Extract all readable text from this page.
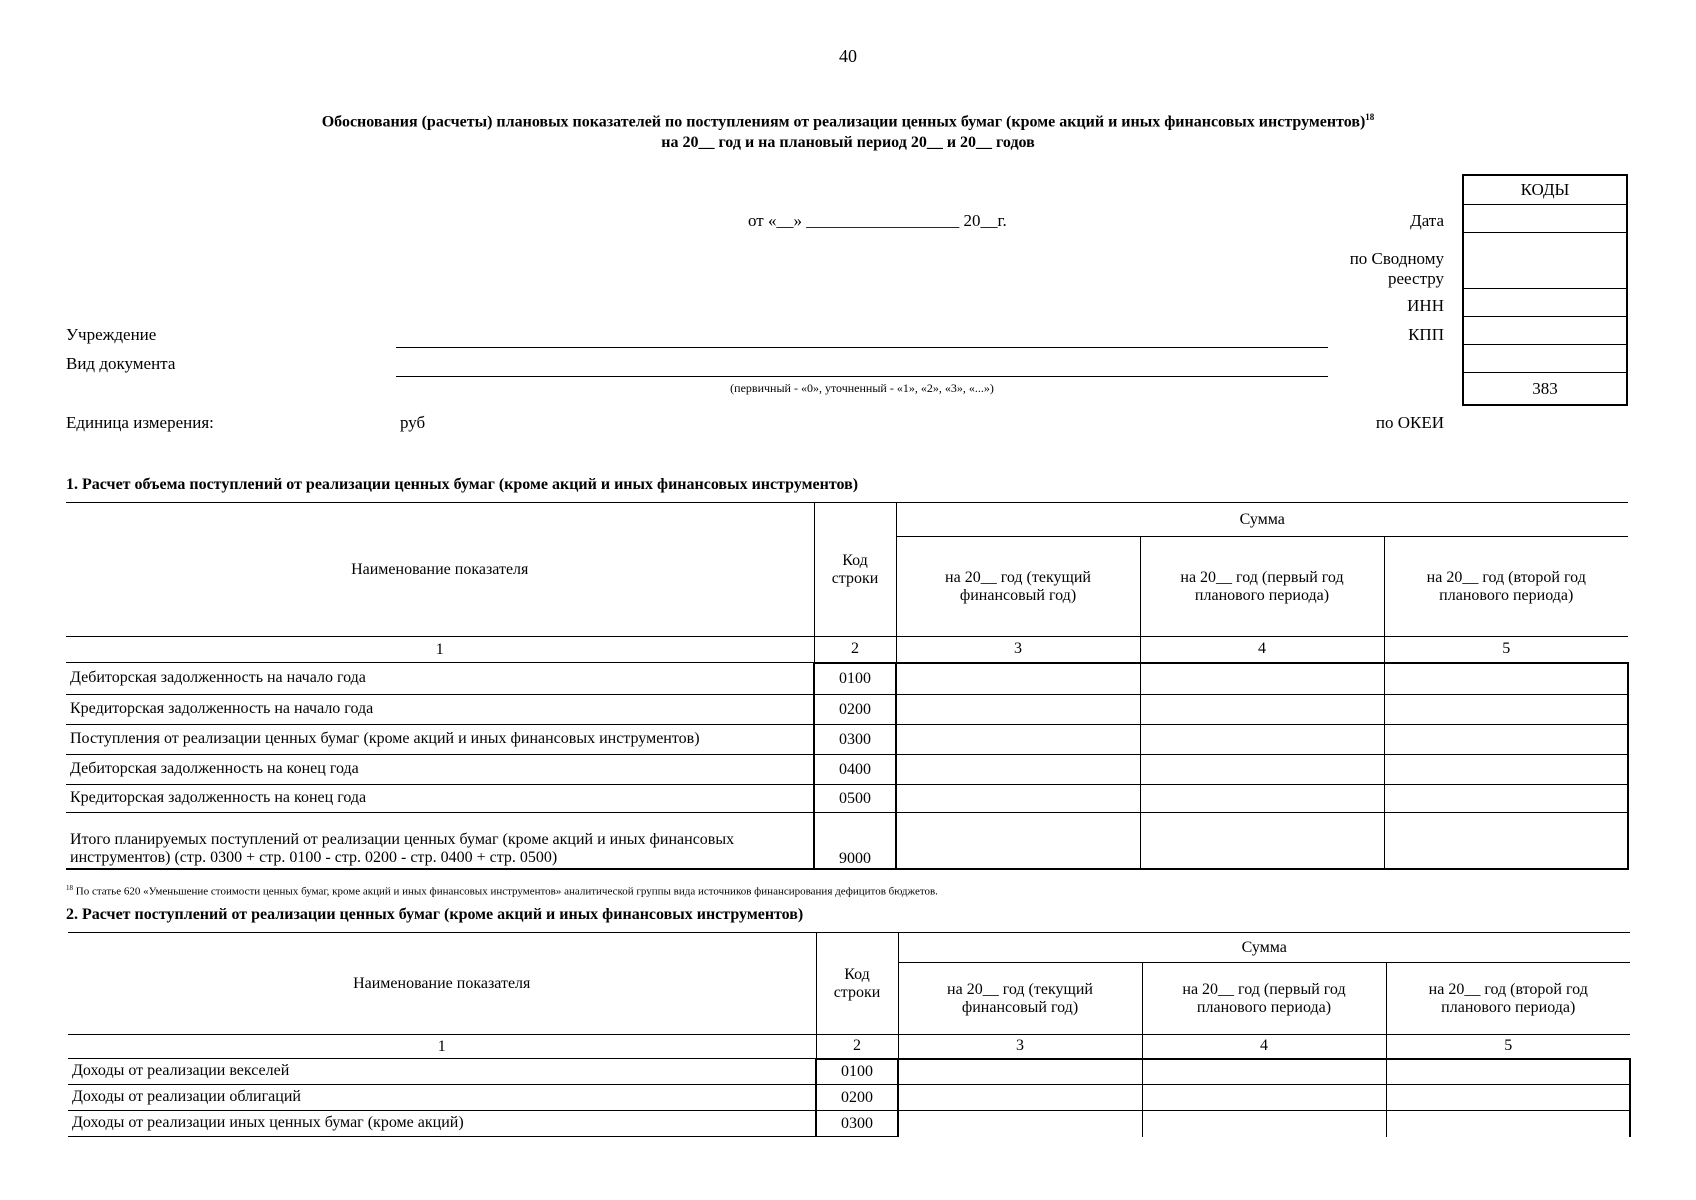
40
Обоснования (расчеты) плановых показателей по поступлениям от реализации ценных бумаг (кроме акций и иных финансовых инструментов)$^{18}$
на 20__ год и на плановый период 20__ и 20__ годов
от «__» __________________ 20__г.
КОДЫ
383
Дата
по Сводному
реестру
ИНН
КПП
по ОКЕИ
Учреждение
Вид документа
(первичный - «0», уточненный - «1», «2», «3», «...»)
Единица измерения:	руб
1. Расчет объема поступлений от реализации ценных бумаг (кроме акций и иных финансовых инструментов)
Наименование показателя	Код строки	Сумма		
		на 20__ год (текущий финансовый год)	на 20__ год (первый год планового периода)	на 20__ год (второй год планового периода)
1	2	3	4	5
Дебиторская задолженность на начало года	0100			
Кредиторская задолженность на начало года	0200			
Поступления от реализации ценных бумаг (кроме акций и иных финансовых инструментов)	0300			
Дебиторская задолженность на конец года	0400			
Кредиторская задолженность на конец года	0500			
Итого планируемых поступлений от реализации ценных бумаг (кроме акций и иных финансовых инструментов) (стр. 0300 + стр. 0100 - стр. 0200 - стр. 0400 + стр. 0500)	9000			
$^{18}$ По статье 620 «Уменьшение стоимости ценных бумаг, кроме акций и иных финансовых инструментов» аналитической группы вида источников финансирования дефицитов бюджетов.
2. Расчет поступлений от реализации ценных бумаг (кроме акций и иных финансовых инструментов)
Наименование показателя	Код строки	Сумма		
		на 20__ год (текущий финансовый год)	на 20__ год (первый год планового периода)	на 20__ год (второй год планового периода)
1	2	3	4	5
Доходы от реализации векселей	0100			
Доходы от реализации облигаций	0200			
Доходы от реализации иных ценных бумаг (кроме акций)	0300			
